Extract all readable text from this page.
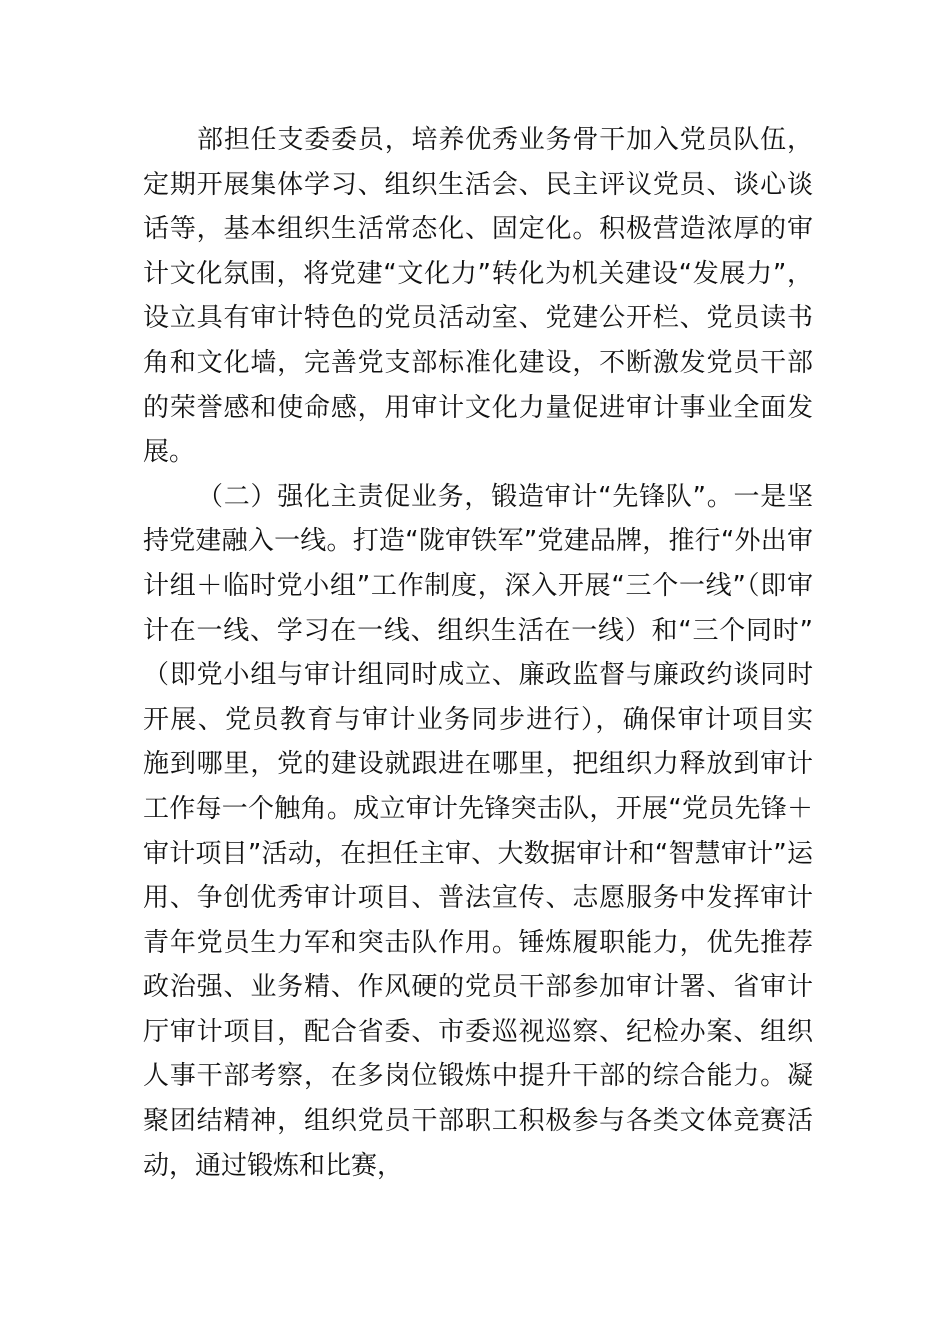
部担任支委委员，培养优秀业务骨干加入党员队伍，
定期开展集体学习、组织生活会、民主评议党员、谈心谈
话等，基本组织生活常态化、固定化。积极营造浓厚的审
计文化氛围，将党建“文化力”转化为机关建设“发展力”，
设立具有审计特色的党员活动室、党建公开栏、党员读书
角和文化墙，完善党支部标准化建设，不断激发党员干部
的荣誉感和使命感，用审计文化力量促进审计事业全面发
展。
（二）强化主责促业务，锻造审计“先锋队”。一是坚
持党建融入一线。打造“陇审铁军”党建品牌，推行“外出审
计组＋临时党小组”工作制度，深入开展“三个一线”（即审
计在一线、学习在一线、组织生活在一线）和“三个同时”
（即党小组与审计组同时成立、廉政监督与廉政约谈同时
开展、党员教育与审计业务同步进行），确保审计项目实
施到哪里，党的建设就跟进在哪里，把组织力释放到审计
工作每一个触角。成立审计先锋突击队，开展“党员先锋＋
审计项目”活动，在担任主审、大数据审计和“智慧审计”运
用、争创优秀审计项目、普法宣传、志愿服务中发挥审计
青年党员生力军和突击队作用。锤炼履职能力，优先推荐
政治强、业务精、作风硬的党员干部参加审计署、省审计
厅审计项目，配合省委、市委巡视巡察、纪检办案、组织
人事干部考察，在多岗位锻炼中提升干部的综合能力。凝
聚团结精神，组织党员干部职工积极参与各类文体竞赛活
动，通过锻炼和比赛，
